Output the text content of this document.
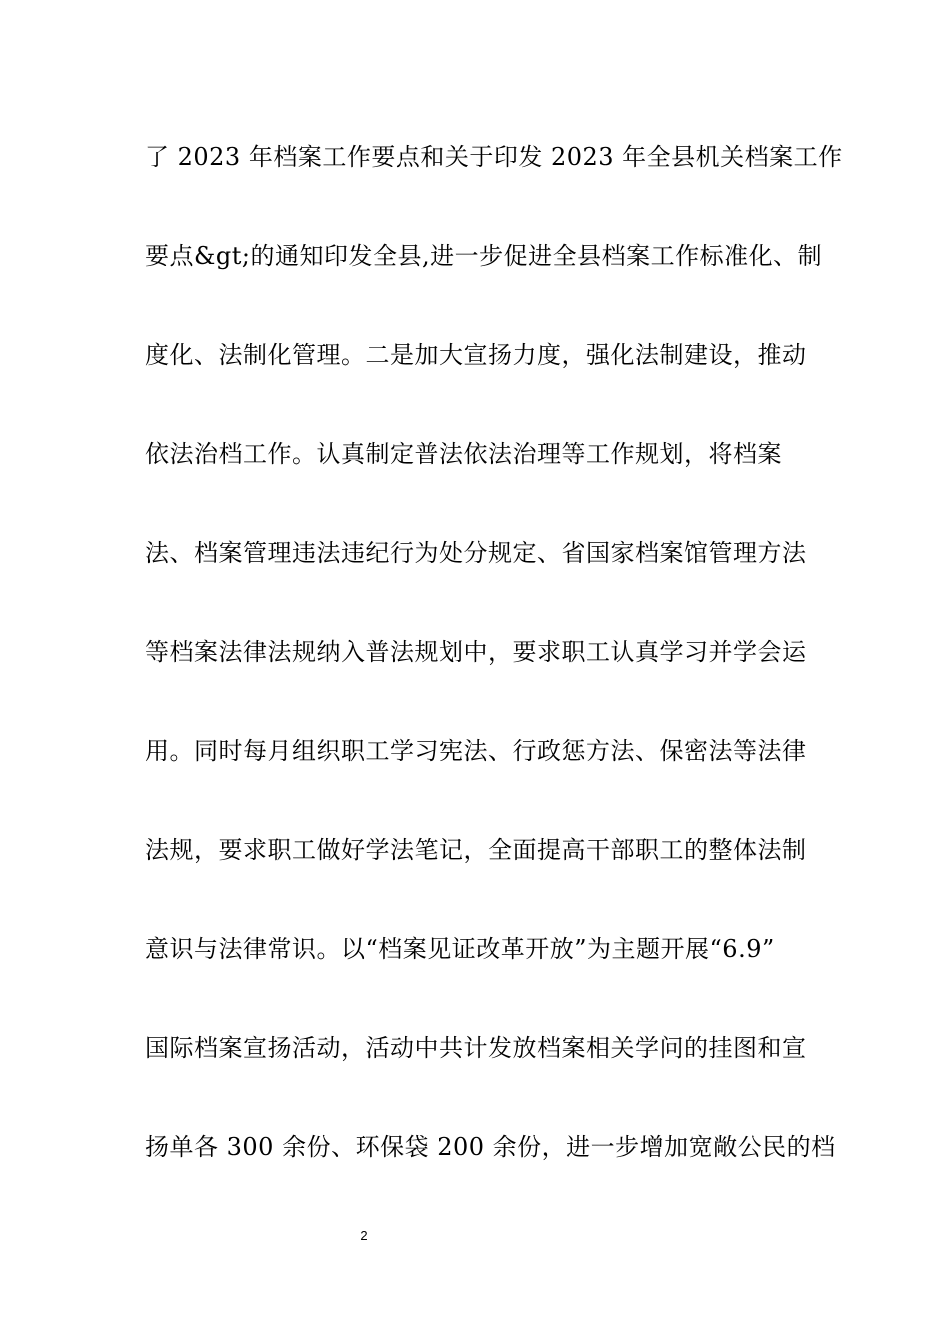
了 2023 年档案工作要点和关于印发 2023 年全县机关档案工作
要点&gt;的通知印发全县,进一步促进全县档案工作标准化、制
度化、法制化管理。二是加大宣扬力度，强化法制建设，推动
依法治档工作。认真制定普法依法治理等工作规划，将档案
法、档案管理违法违纪行为处分规定、省国家档案馆管理方法
等档案法律法规纳入普法规划中，要求职工认真学习并学会运
用。同时每月组织职工学习宪法、行政惩方法、保密法等法律
法规，要求职工做好学法笔记，全面提高干部职工的整体法制
意识与法律常识。以“档案见证改革开放”为主题开展“6.9”
国际档案宣扬活动，活动中共计发放档案相关学问的挂图和宣
扬单各 300 余份、环保袋 200 余份，进一步增加宽敞公民的档
2
